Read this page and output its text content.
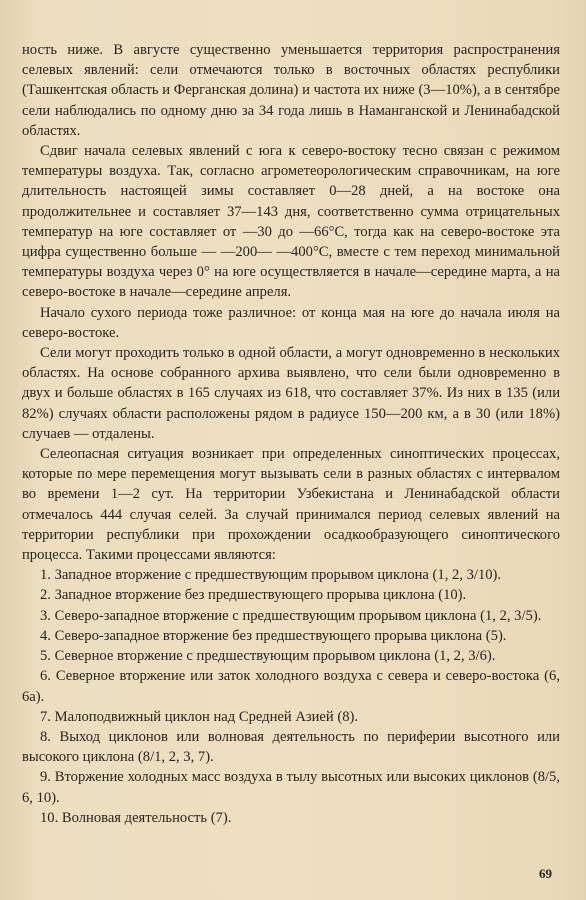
ность ниже. В августе существенно уменьшается территория распространения селевых явлений: сели отмечаются только в восточных областях республики (Ташкентская область и Ферганская долина) и частота их ниже (3—10%), а в сентябре сели наблюдались по одному дню за 34 года лишь в Наманганской и Ленинабадской областях.

Сдвиг начала селевых явлений с юга к северо-востоку тесно связан с режимом температуры воздуха. Так, согласно агрометеорологическим справочникам, на юге длительность настоящей зимы составляет 0—28 дней, а на востоке она продолжительнее и составляет 37—143 дня, соответственно сумма отрицательных температур на юге составляет от —30 до —66°С, тогда как на северо-востоке эта цифра существенно больше — —200— —400°С, вместе с тем переход минимальной температуры воздуха через 0° на юге осуществляется в начале—середине марта, а на северо-востоке в начале—середине апреля.

Начало сухого периода тоже различное: от конца мая на юге до начала июля на северо-востоке.

Сели могут проходить только в одной области, а могут одновременно в нескольких областях. На основе собранного архива выявлено, что сели были одновременно в двух и больше областях в 165 случаях из 618, что составляет 37%. Из них в 135 (или 82%) случаях области расположены рядом в радиусе 150—200 км, а в 30 (или 18%) случаев — отдалены.

Селеопасная ситуация возникает при определенных синоптических процессах, которые по мере перемещения могут вызывать сели в разных областях с интервалом во времени 1—2 сут. На территории Узбекистана и Ленинабадской области отмечалось 444 случая селей. За случай принимался период селевых явлений на территории республики при прохождении осадкообразующего синоптического процесса. Такими процессами являются:

1. Западное вторжение с предшествующим прорывом циклона (1, 2, 3/10).

2. Западное вторжение без предшествующего прорыва циклона (10).

3. Северо-западное вторжение с предшествующим прорывом циклона (1, 2, 3/5).

4. Северо-западное вторжение без предшествующего прорыва циклона (5).

5. Северное вторжение с предшествующим прорывом циклона (1, 2, 3/6).

6. Северное вторжение или заток холодного воздуха с севера и северо-востока (6, 6а).

7. Малоподвижный циклон над Средней Азией (8).

8. Выход циклонов или волновая деятельность по периферии высотного или высокого циклона (8/1, 2, 3, 7).

9. Вторжение холодных масс воздуха в тылу высотных или высоких циклонов (8/5, 6, 10).

10. Волновая деятельность (7).

69
